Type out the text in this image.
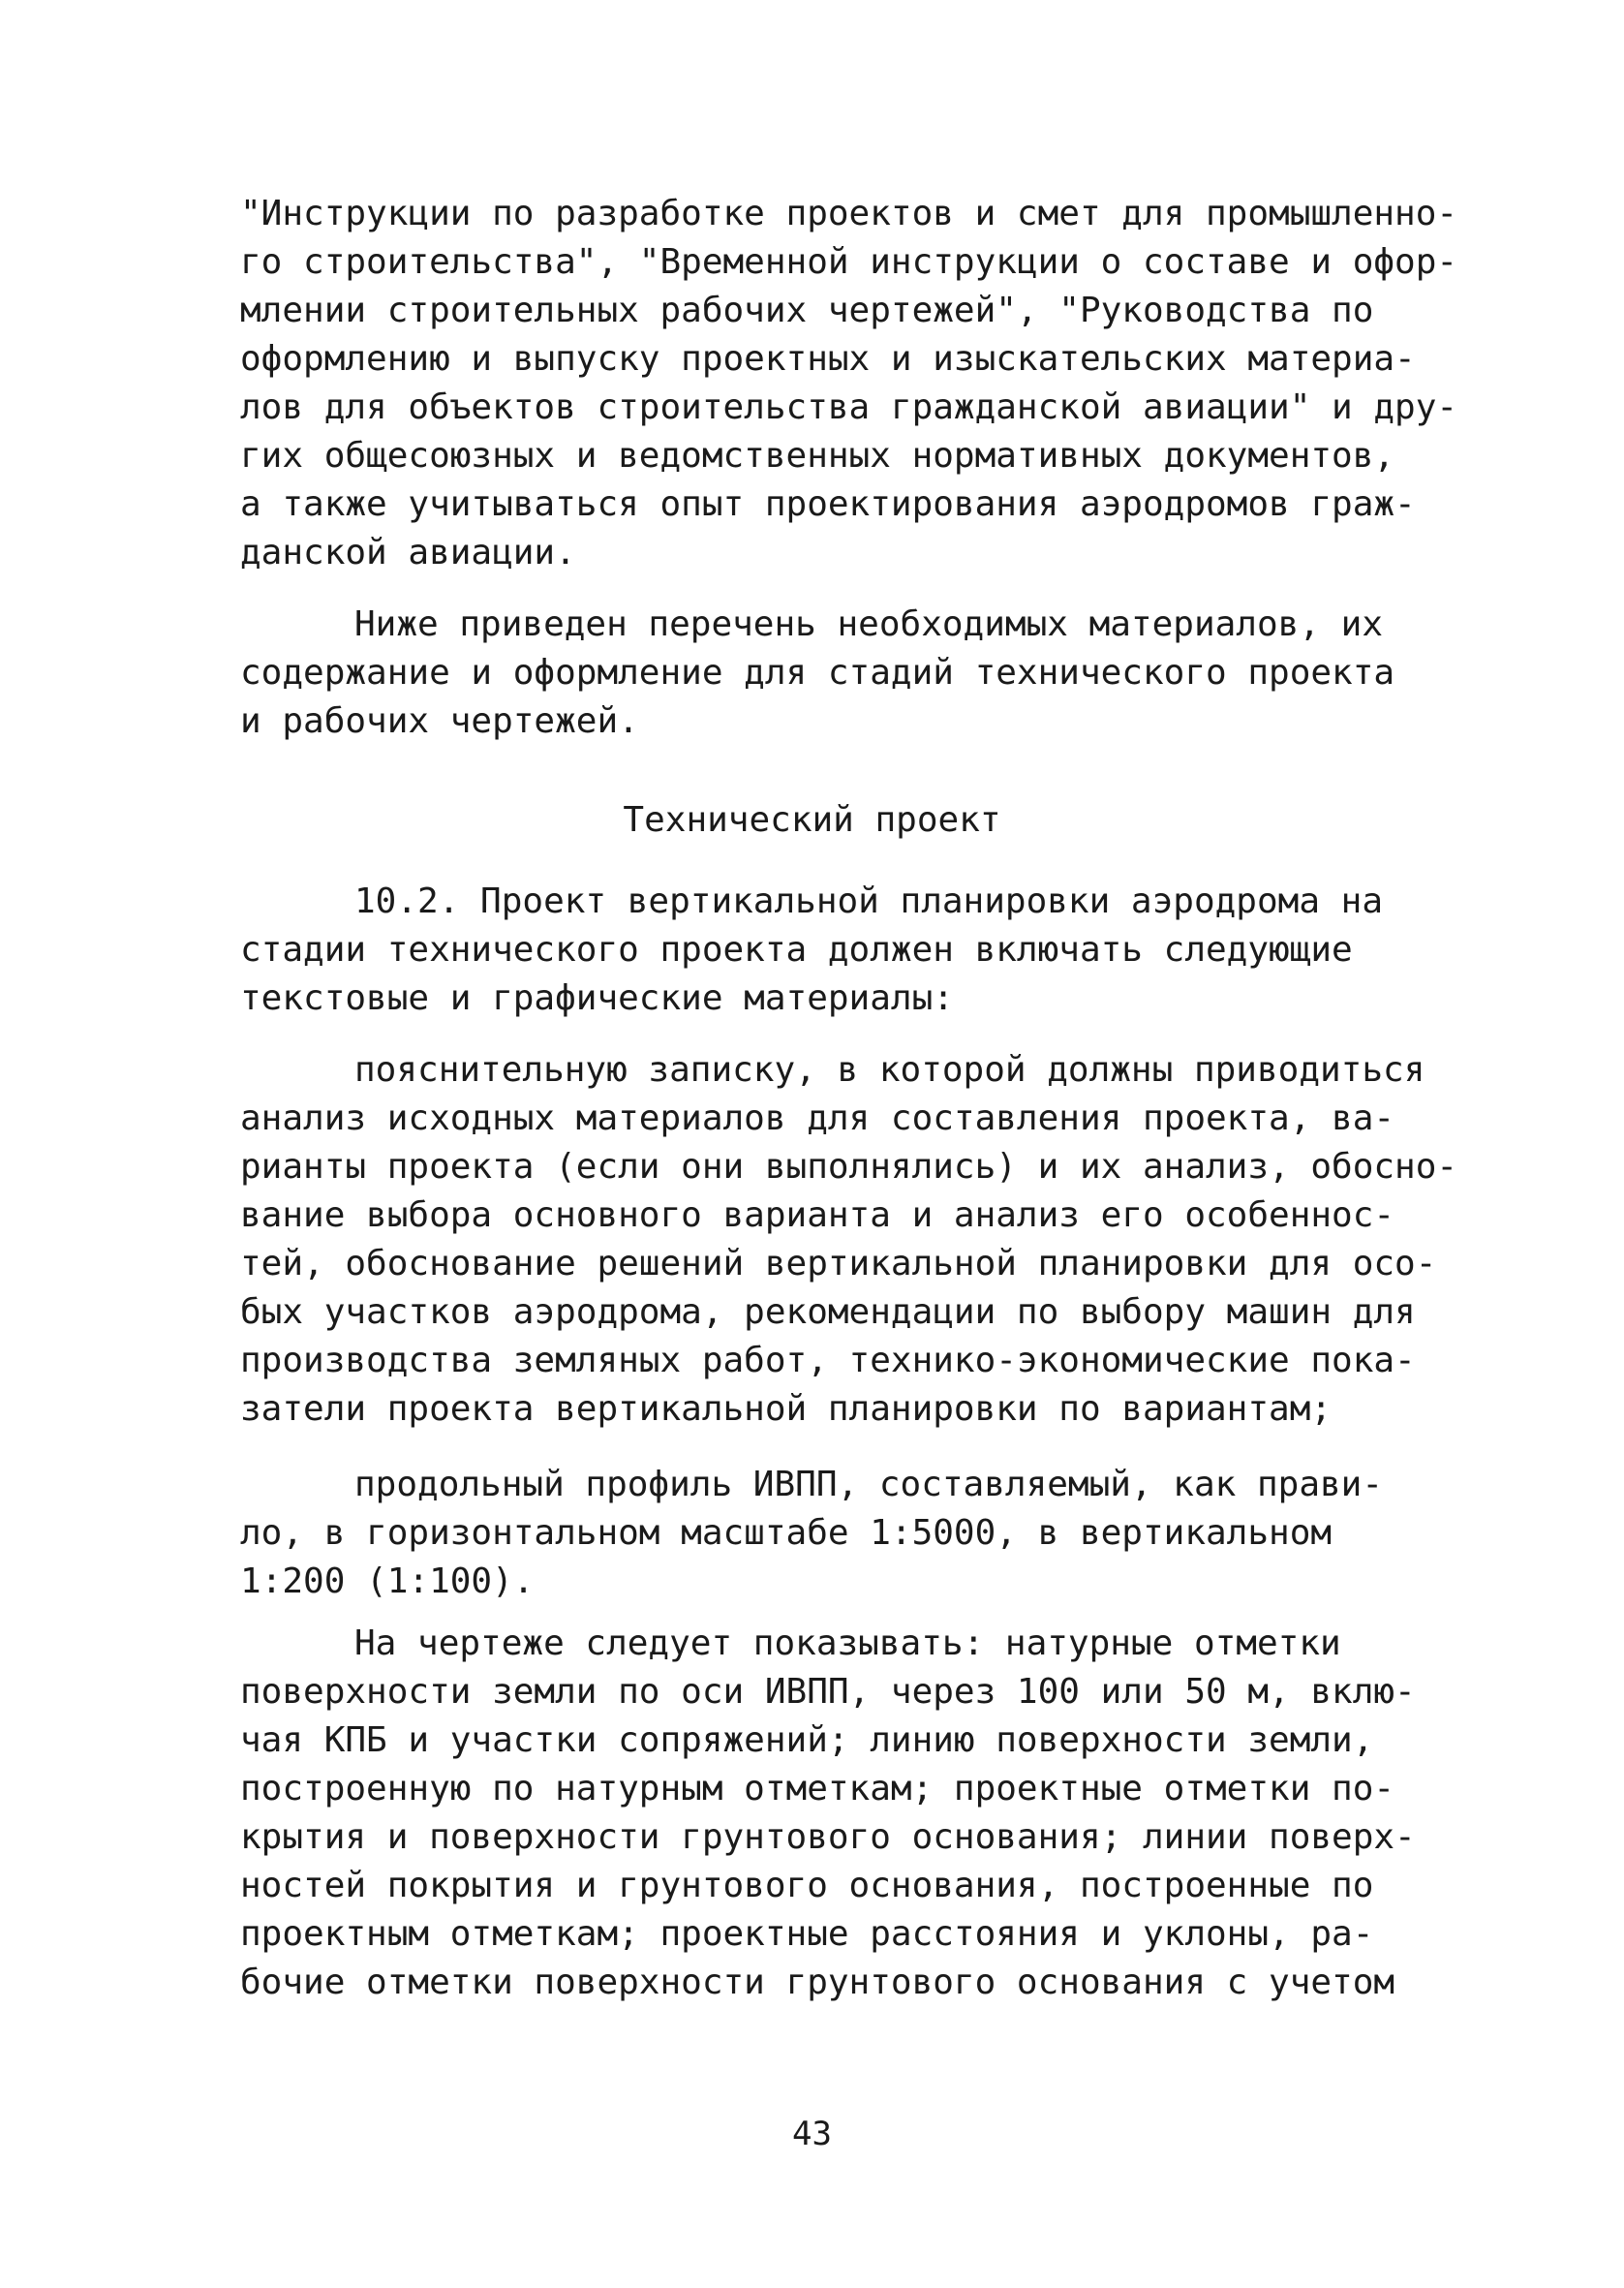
"Инструкции по разработке проектов и смет для промышленно-
го строительства", "Временной инструкции о составе и офор-
млении строительных рабочих чертежей", "Руководства по
оформлению и выпуску проектных и изыскательских материа-
лов для объектов строительства гражданской авиации" и дру-
гих общесоюзных и ведомственных нормативных документов,
а также учитываться опыт проектирования аэродромов граж-
данской авиации.
Ниже приведен перечень необходимых материалов, их
содержание и оформление для стадий технического проекта
и рабочих чертежей.
Технический проект
10.2. Проект вертикальной планировки аэродрома на
стадии технического проекта должен включать следующие
текстовые и графические материалы:
пояснительную записку, в которой должны приводиться
анализ исходных материалов для составления проекта, ва-
рианты проекта (если они выполнялись) и их анализ, обосно-
вание выбора основного варианта и анализ его особеннос-
тей, обоснование решений вертикальной планировки для осо-
бых участков аэродрома, рекомендации по выбору машин для
производства земляных работ, технико-экономические пока-
затели проекта вертикальной планировки по вариантам;
продольный профиль ИВПП, составляемый, как прави-
ло, в горизонтальном масштабе 1:5000, в вертикальном
1:200 (1:100).
На чертеже следует показывать: натурные отметки
поверхности земли по оси ИВПП, через 100 или 50 м, вклю-
чая КПБ и участки сопряжений; линию поверхности земли,
построенную по натурным отметкам; проектные отметки по-
крытия и поверхности грунтового основания; линии поверх-
ностей покрытия и грунтового основания, построенные по
проектным отметкам; проектные расстояния и уклоны, ра-
бочие отметки поверхности грунтового основания с учетом
43
